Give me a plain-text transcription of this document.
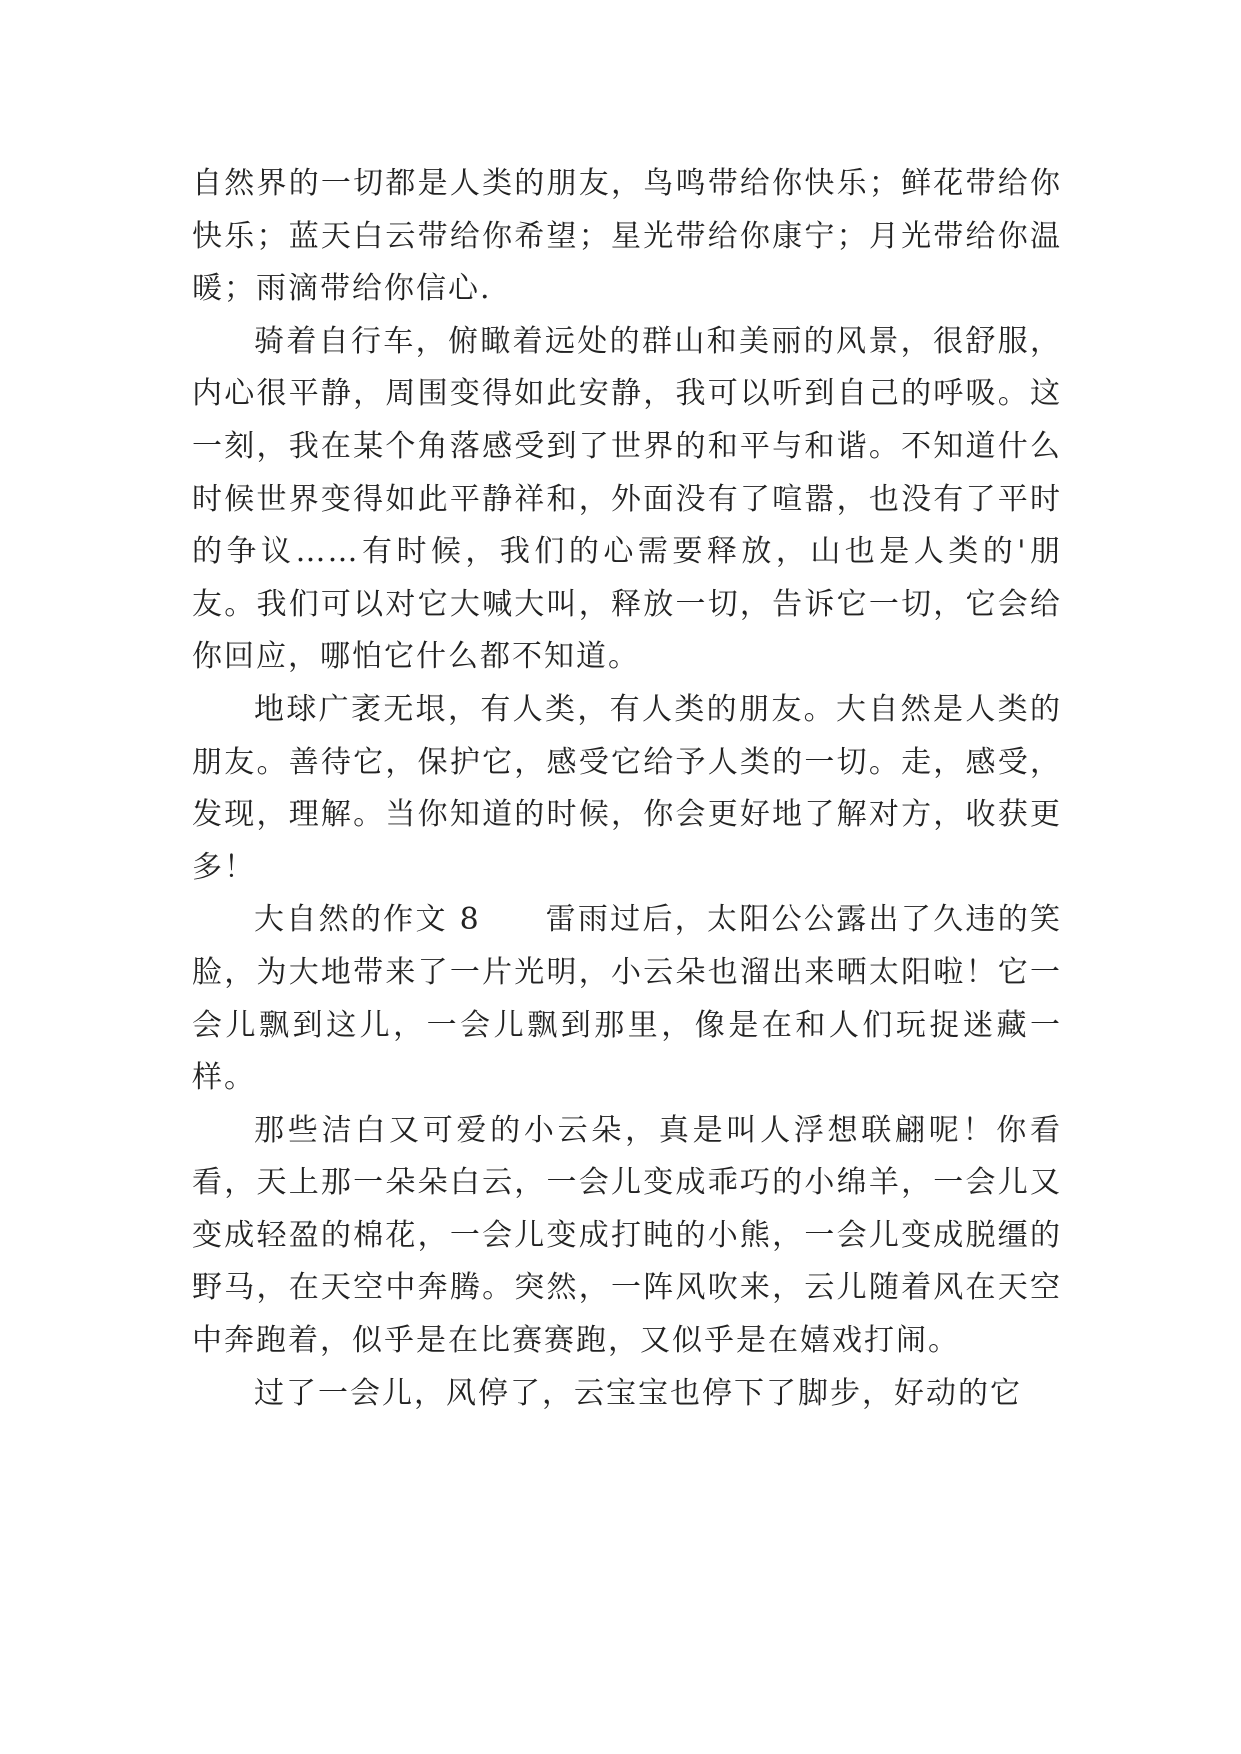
自然界的一切都是人类的朋友，鸟鸣带给你快乐；鲜花带给你快乐；蓝天白云带给你希望；星光带给你康宁；月光带给你温暖；雨滴带给你信心.

骑着自行车，俯瞰着远处的群山和美丽的风景，很舒服，内心很平静，周围变得如此安静，我可以听到自己的呼吸。这一刻，我在某个角落感受到了世界的和平与和谐。不知道什么时候世界变得如此平静祥和，外面没有了喧嚣，也没有了平时的争议……有时候，我们的心需要释放，山也是人类的'朋友。我们可以对它大喊大叫，释放一切，告诉它一切，它会给你回应，哪怕它什么都不知道。

地球广袤无垠，有人类，有人类的朋友。大自然是人类的朋友。善待它，保护它，感受它给予人类的一切。走，感受，发现，理解。当你知道的时候，你会更好地了解对方，收获更多！

大自然的作文 8　　雷雨过后，太阳公公露出了久违的笑脸，为大地带来了一片光明，小云朵也溜出来晒太阳啦！它一会儿飘到这儿，一会儿飘到那里，像是在和人们玩捉迷藏一样。

那些洁白又可爱的小云朵，真是叫人浮想联翩呢！你看看，天上那一朵朵白云，一会儿变成乖巧的小绵羊，一会儿又变成轻盈的棉花，一会儿变成打盹的小熊，一会儿变成脱缰的野马，在天空中奔腾。突然，一阵风吹来，云儿随着风在天空中奔跑着，似乎是在比赛赛跑，又似乎是在嬉戏打闹。

过了一会儿，风停了，云宝宝也停下了脚步，好动的它
